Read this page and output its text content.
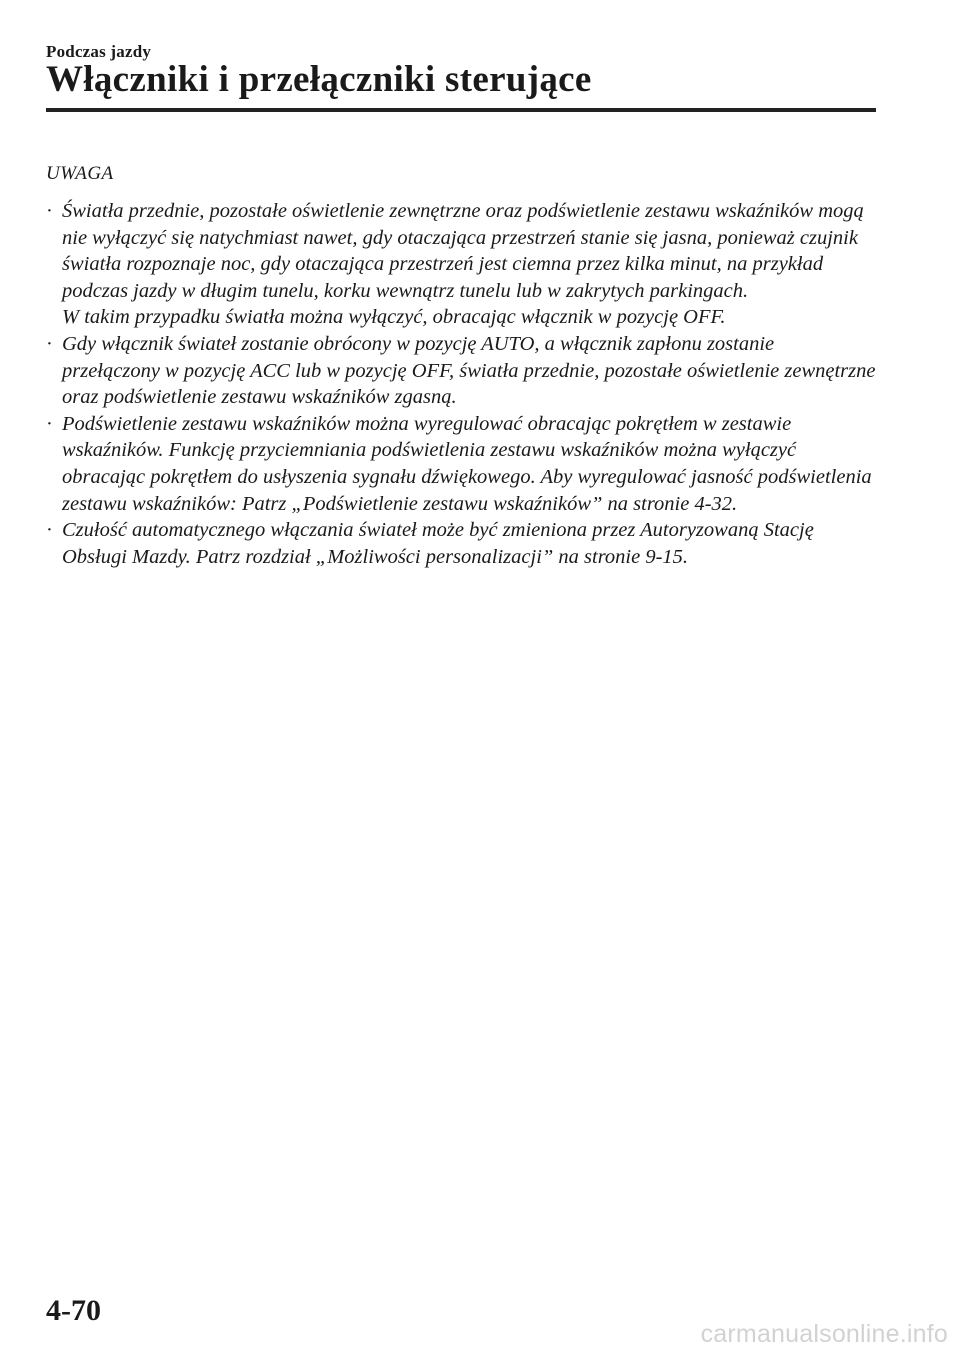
Podczas jazdy
Włączniki i przełączniki sterujące
UWAGA
· Światła przednie, pozostałe oświetlenie zewnętrzne oraz podświetlenie zestawu wskaźników mogą nie wyłączyć się natychmiast nawet, gdy otaczająca przestrzeń stanie się jasna, ponieważ czujnik światła rozpoznaje noc, gdy otaczająca przestrzeń jest ciemna przez kilka minut, na przykład podczas jazdy w długim tunelu, korku wewnątrz tunelu lub w zakrytych parkingach.
W takim przypadku światła można wyłączyć, obracając włącznik w pozycję OFF.
· Gdy włącznik świateł zostanie obrócony w pozycję AUTO, a włącznik zapłonu zostanie przełączony w pozycję ACC lub w pozycję OFF, światła przednie, pozostałe oświetlenie zewnętrzne oraz podświetlenie zestawu wskaźników zgasną.
· Podświetlenie zestawu wskaźników można wyregulować obracając pokrętłem w zestawie wskaźników. Funkcję przyciemniania podświetlenia zestawu wskaźników można wyłączyć obracając pokrętłem do usłyszenia sygnału dźwiękowego. Aby wyregulować jasność podświetlenia zestawu wskaźników: Patrz „Podświetlenie zestawu wskaźników” na stronie 4-32.
· Czułość automatycznego włączania świateł może być zmieniona przez Autoryzowaną Stację Obsługi Mazdy. Patrz rozdział „Możliwości personalizacji” na stronie 9-15.
4-70
carmanualsonline.info
